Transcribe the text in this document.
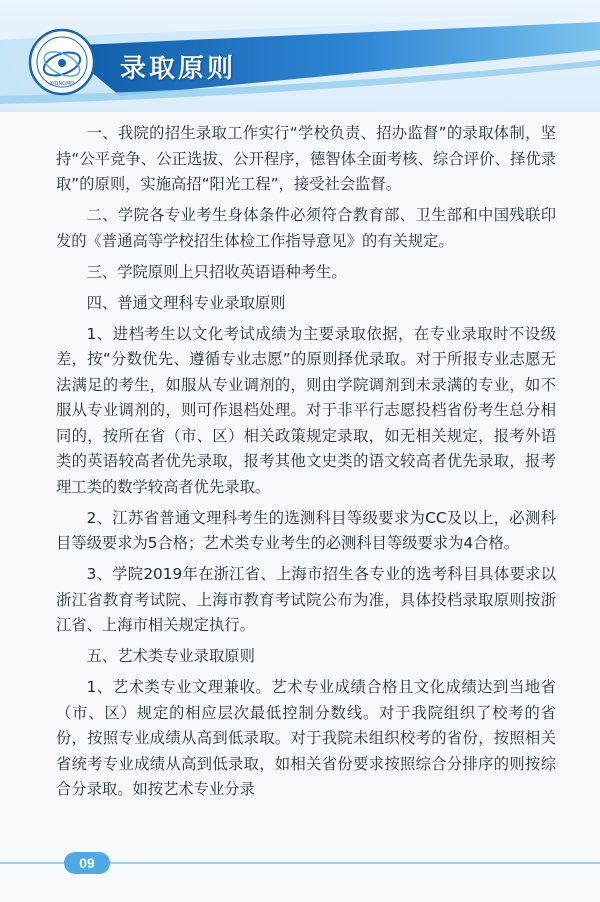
XIONGMO 录取原则

一、我院的招生录取工作实行“学校负责、招办监督”的录取体制，坚持“公平竞争、公正选拔、公开程序，德智体全面考核、综合评价、择优录取”的原则，实施高招“阳光工程”，接受社会监督。

二、学院各专业考生身体条件必须符合教育部、卫生部和中国残联印发的《普通高等学校招生体检工作指导意见》的有关规定。

三、学院原则上只招收英语语种考生。

四、普通文理科专业录取原则

1、进档考生以文化考试成绩为主要录取依据，在专业录取时不设级差，按“分数优先、遵循专业志愿”的原则择优录取。对于所报专业志愿无法满足的考生，如服从专业调剂的，则由学院调剂到未录满的专业，如不服从专业调剂的，则可作退档处理。对于非平行志愿投档省份考生总分相同的，按所在省（市、区）相关政策规定录取，如无相关规定，报考外语类的英语较高者优先录取，报考其他文史类的语文较高者优先录取，报考理工类的数学较高者优先录取。

2、江苏省普通文理科考生的选测科目等级要求为CC及以上，必测科目等级要求为5合格；艺术类专业考生的必测科目等级要求为4合格。

3、学院2019年在浙江省、上海市招生各专业的选考科目具体要求以浙江省教育考试院、上海市教育考试院公布为准，具体投档录取原则按浙江省、上海市相关规定执行。

五、艺术类专业录取原则

1、艺术类专业文理兼收。艺术专业成绩合格且文化成绩达到当地省（市、区）规定的相应层次最低控制分数线。对于我院组织了校考的省份，按照专业成绩从高到低录取。对于我院未组织校考的省份，按照相关省统考专业成绩从高到低录取，如相关省份要求按照综合分排序的则按综合分录取。如按艺术专业分录

09
